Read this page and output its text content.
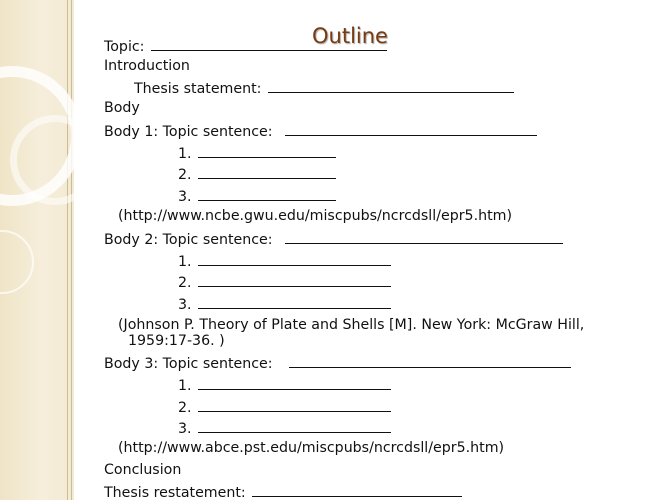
Outline
Topic:
Introduction
Thesis statement:
Body
Body 1: Topic sentence:
1.
2.
3.
(http://www.ncbe.gwu.edu/miscpubs/ncrcdsll/epr5.htm)
Body 2: Topic sentence:
1.
2.
3.
(Johnson P. Theory of Plate and Shells [M]. New York: McGraw Hill,
1959:17-36. )
Body 3: Topic sentence:
1.
2.
3.
(http://www.abce.pst.edu/miscpubs/ncrcdsll/epr5.htm)
Conclusion
Thesis restatement:
